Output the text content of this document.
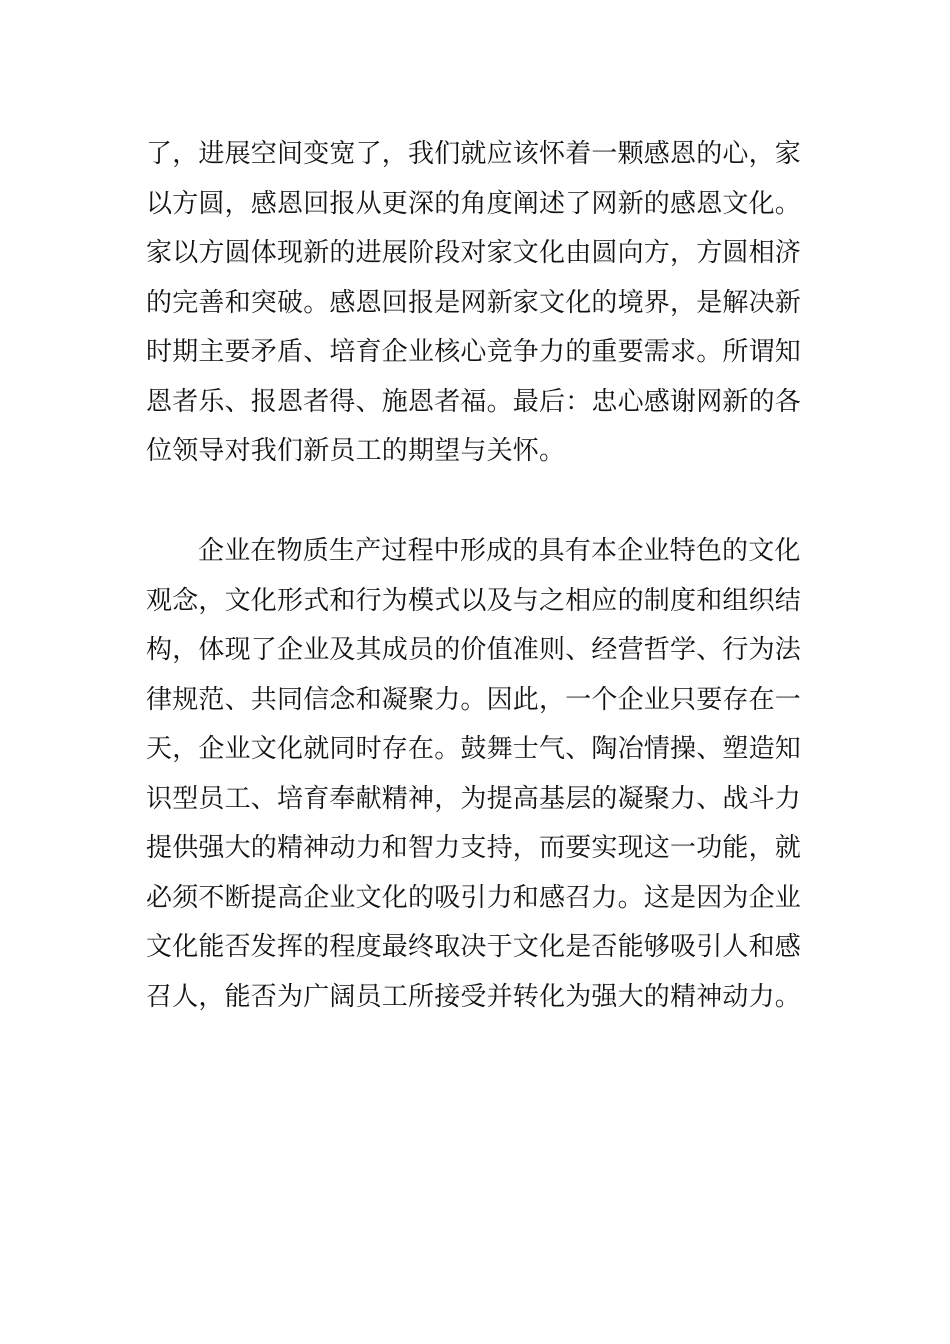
了，进展空间变宽了，我们就应该怀着一颗感恩的心，家
以方圆，感恩回报从更深的角度阐述了网新的感恩文化。
家以方圆体现新的进展阶段对家文化由圆向方，方圆相济
的完善和突破。感恩回报是网新家文化的境界，是解决新
时期主要矛盾、培育企业核心竞争力的重要需求。所谓知
恩者乐、报恩者得、施恩者福。最后：忠心感谢网新的各
位领导对我们新员工的期望与关怀。
企业在物质生产过程中形成的具有本企业特色的文化
观念，文化形式和行为模式以及与之相应的制度和组织结
构，体现了企业及其成员的价值准则、经营哲学、行为法
律规范、共同信念和凝聚力。因此，一个企业只要存在一
天，企业文化就同时存在。鼓舞士气、陶冶情操、塑造知
识型员工、培育奉献精神，为提高基层的凝聚力、战斗力
提供强大的精神动力和智力支持，而要实现这一功能，就
必须不断提高企业文化的吸引力和感召力。这是因为企业
文化能否发挥的程度最终取决于文化是否能够吸引人和感
召人，能否为广阔员工所接受并转化为强大的精神动力。
